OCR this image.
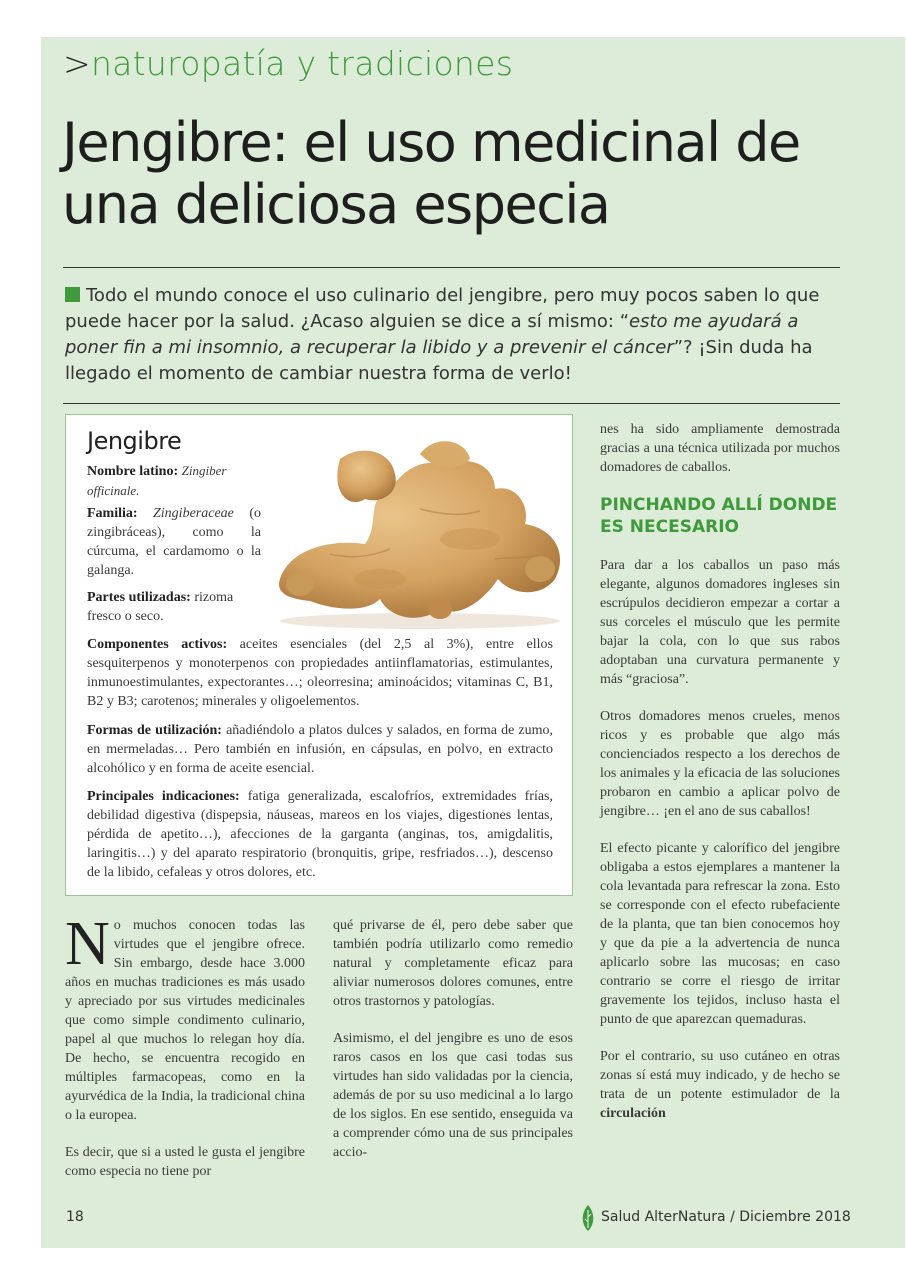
>naturopatía y tradiciones
Jengibre: el uso medicinal de una deliciosa especia

Todo el mundo conoce el uso culinario del jengibre, pero muy pocos saben lo que puede hacer por la salud. ¿Acaso alguien se dice a sí mismo: “esto me ayudará a poner fin a mi insomnio, a recuperar la libido y a prevenir el cáncer”? ¡Sin duda ha llegado el momento de cambiar nuestra forma de verlo!

Jengibre

Nombre latino: Zingiber officinale.

Familia: Zingiberaceae (o zingibráceas), como la cúrcuma, el cardamomo o la galanga.

Partes utilizadas: rizoma fresco o seco.

Componentes activos: aceites esenciales (del 2,5 al 3%), entre ellos sesquiterpenos y monoterpenos con propiedades antiinflamatorias, estimulantes, inmunoestimulantes, expectorantes…; oleorresina; aminoácidos; vitaminas C, B1, B2 y B3; carotenos; minerales y oligoelementos.

Formas de utilización: añadiéndolo a platos dulces y salados, en forma de zumo, en mermeladas… Pero también en infusión, en cápsulas, en polvo, en extracto alcohólico y en forma de aceite esencial.

Principales indicaciones: fatiga generalizada, escalofríos, extremidades frías, debilidad digestiva (dispepsia, náuseas, mareos en los viajes, digestiones lentas, pérdida de apetito…), afecciones de la garganta (anginas, tos, amigdalitis, laringitis…) y del aparato respiratorio (bronquitis, gripe, resfriados…), descenso de la libido, cefaleas y otros dolores, etc.

No muchos conocen todas las virtudes que el jengibre ofrece. Sin embargo, desde hace 3.000 años en muchas tradiciones es más usado y apreciado por sus virtudes medicinales que como simple condimento culinario, papel al que muchos lo relegan hoy día. De hecho, se encuentra recogido en múltiples farmacopeas, como en la ayurvédica de la India, la tradicional china o la europea.

Es decir, que si a usted le gusta el jengibre como especia no tiene por

qué privarse de él, pero debe saber que también podría utilizarlo como remedio natural y completamente eficaz para aliviar numerosos dolores comunes, entre otros trastornos y patologías.

Asimismo, el del jengibre es uno de esos raros casos en los que casi todas sus virtudes han sido validadas por la ciencia, además de por su uso medicinal a lo largo de los siglos. En ese sentido, enseguida va a comprender cómo una de sus principales accio-

nes ha sido ampliamente demostrada gracias a una técnica utilizada por muchos domadores de caballos.

PINCHANDO ALLÍ DONDE ES NECESARIO

Para dar a los caballos un paso más elegante, algunos domadores ingleses sin escrúpulos decidieron empezar a cortar a sus corceles el músculo que les permite bajar la cola, con lo que sus rabos adoptaban una curvatura permanente y más “graciosa”.

Otros domadores menos crueles, menos ricos y es probable que algo más concienciados respecto a los derechos de los animales y la eficacia de las soluciones probaron en cambio a aplicar polvo de jengibre… ¡en el ano de sus caballos!

El efecto picante y calorífico del jengibre obligaba a estos ejemplares a mantener la cola levantada para refrescar la zona. Esto se corresponde con el efecto rubefaciente de la planta, que tan bien conocemos hoy y que da pie a la advertencia de nunca aplicarlo sobre las mucosas; en caso contrario se corre el riesgo de irritar gravemente los tejidos, incluso hasta el punto de que aparezcan quemaduras.

Por el contrario, su uso cutáneo en otras zonas sí está muy indicado, y de hecho se trata de un potente estimulador de la circulación

18	Salud AlterNatura / Diciembre 2018
